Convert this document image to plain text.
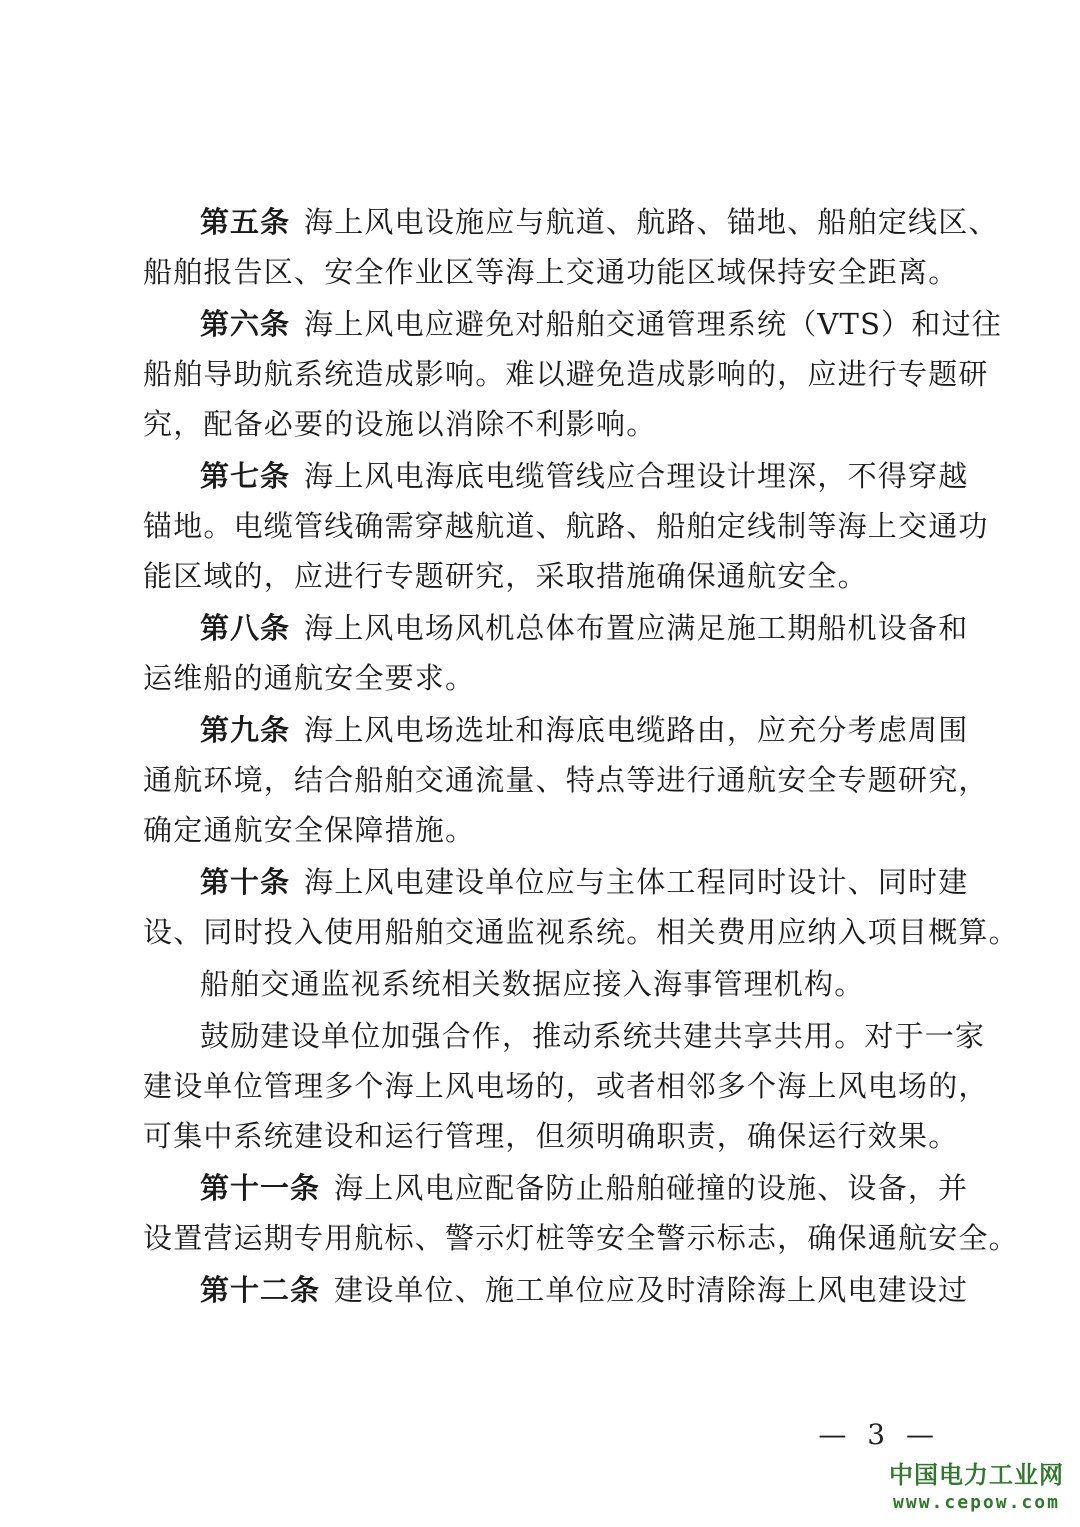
第五条 海上风电设施应与航道、航路、锚地、船舶定线区、
船舶报告区、安全作业区等海上交通功能区域保持安全距离。
第六条 海上风电应避免对船舶交通管理系统（VTS）和过往
船舶导助航系统造成影响。难以避免造成影响的，应进行专题研
究，配备必要的设施以消除不利影响。
第七条 海上风电海底电缆管线应合理设计埋深，不得穿越
锚地。电缆管线确需穿越航道、航路、船舶定线制等海上交通功
能区域的，应进行专题研究，采取措施确保通航安全。
第八条 海上风电场风机总体布置应满足施工期船机设备和
运维船的通航安全要求。
第九条 海上风电场选址和海底电缆路由，应充分考虑周围
通航环境，结合船舶交通流量、特点等进行通航安全专题研究，
确定通航安全保障措施。
第十条 海上风电建设单位应与主体工程同时设计、同时建
设、同时投入使用船舶交通监视系统。相关费用应纳入项目概算。
船舶交通监视系统相关数据应接入海事管理机构。
鼓励建设单位加强合作，推动系统共建共享共用。对于一家
建设单位管理多个海上风电场的，或者相邻多个海上风电场的，
可集中系统建设和运行管理，但须明确职责，确保运行效果。
第十一条 海上风电应配备防止船舶碰撞的设施、设备，并
设置营运期专用航标、警示灯桩等安全警示标志，确保通航安全。
第十二条 建设单位、施工单位应及时清除海上风电建设过
— 3 —
中国电力工业网
www.cepow.com
